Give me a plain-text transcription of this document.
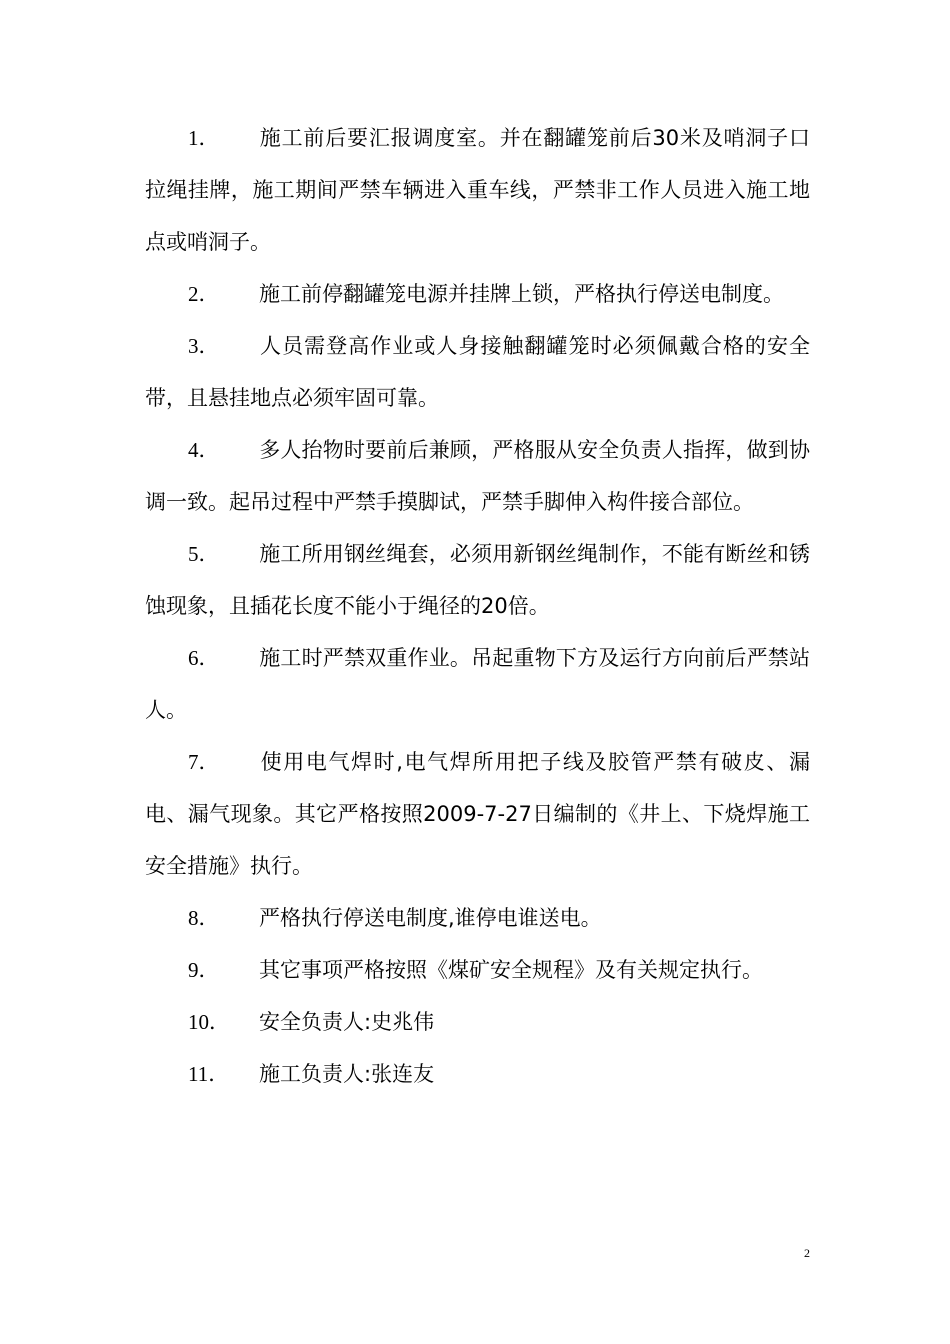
1． 施工前后要汇报调度室。并在翻罐笼前后30米及哨洞子口拉绳挂牌，施工期间严禁车辆进入重车线，严禁非工作人员进入施工地点或哨洞子。

2． 施工前停翻罐笼电源并挂牌上锁，严格执行停送电制度。

3． 人员需登高作业或人身接触翻罐笼时必须佩戴合格的安全带，且悬挂地点必须牢固可靠。

4． 多人抬物时要前后兼顾，严格服从安全负责人指挥，做到协调一致。起吊过程中严禁手摸脚试，严禁手脚伸入构件接合部位。

5． 施工所用钢丝绳套，必须用新钢丝绳制作，不能有断丝和锈蚀现象，且插花长度不能小于绳径的20倍。

6． 施工时严禁双重作业。吊起重物下方及运行方向前后严禁站人。

7． 使用电气焊时,电气焊所用把子线及胶管严禁有破皮、漏电、漏气现象。其它严格按照2009-7-27日编制的《井上、下烧焊施工安全措施》执行。

8． 严格执行停送电制度,谁停电谁送电。

9． 其它事项严格按照《煤矿安全规程》及有关规定执行。

10． 安全负责人:史兆伟

11． 施工负责人:张连友

2
